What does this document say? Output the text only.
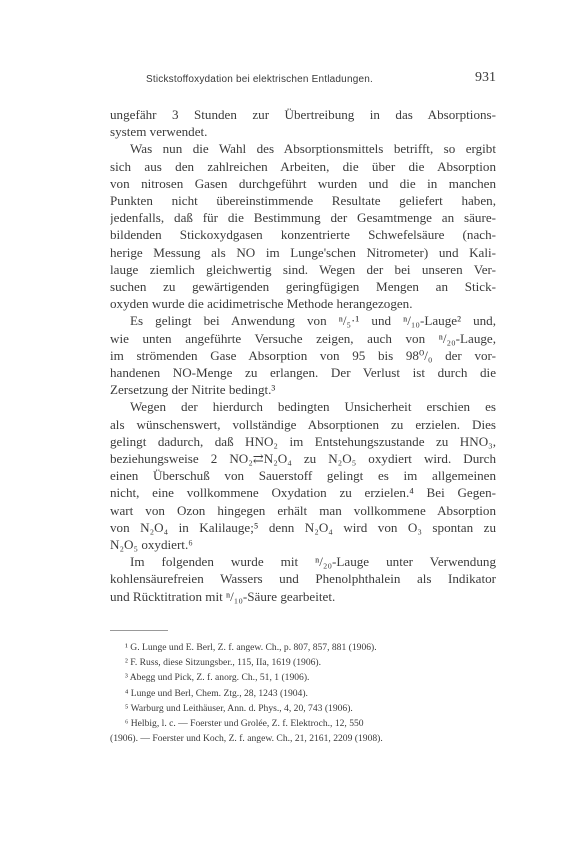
Stickstoffoxydation bei elektrischen Entladungen.	931
ungefähr 3 Stunden zur Übertreibung in das Absorptions-
system verwendet.
Was nun die Wahl des Absorptionsmittels betrifft, so ergibt
sich aus den zahlreichen Arbeiten, die über die Absorption
von nitrosen Gasen durchgeführt wurden und die in manchen
Punkten nicht übereinstimmende Resultate geliefert haben,
jedenfalls, daß für die Bestimmung der Gesamtmenge an säure-
bildenden Stickoxydgasen konzentrierte Schwefelsäure (nach-
herige Messung als NO im Lunge'schen Nitrometer) und Kali-
lauge ziemlich gleichwertig sind. Wegen der bei unseren Ver-
suchen zu gewärtigenden geringfügigen Mengen an Stick-
oxyden wurde die acidimetrische Methode herangezogen.
Es gelingt bei Anwendung von ⁿ/₅·¹ und ⁿ/₁₀-Lauge² und,
wie unten angeführte Versuche zeigen, auch von ⁿ/₂₀-Lauge,
im strömenden Gase Absorption von 95 bis 98⁰/₀ der vor-
handenen NO-Menge zu erlangen. Der Verlust ist durch die
Zersetzung der Nitrite bedingt.³
Wegen der hierdurch bedingten Unsicherheit erschien es
als wünschenswert, vollständige Absorptionen zu erzielen. Dies
gelingt dadurch, daß HNO₂ im Entstehungszustande zu HNO₃,
beziehungsweise 2 NO₂⇄N₂O₄ zu N₂O₅ oxydiert wird. Durch
einen Überschuß von Sauerstoff gelingt es im allgemeinen
nicht, eine vollkommene Oxydation zu erzielen.⁴ Bei Gegen-
wart von Ozon hingegen erhält man vollkommene Absorption
von N₂O₄ in Kalilauge;⁵ denn N₂O₄ wird von O₃ spontan zu
N₂O₅ oxydiert.⁶
Im folgenden wurde mit ⁿ/₂₀-Lauge unter Verwendung
kohlensäurefreien Wassers und Phenolphthalein als Indikator
und Rücktitration mit ⁿ/₁₀-Säure gearbeitet.
¹ G. Lunge und E. Berl, Z. f. angew. Ch., p. 807, 857, 881 (1906).
² F. Russ, diese Sitzungsber., 115, IIa, 1619 (1906).
³ Abegg und Pick, Z. f. anorg. Ch., 51, 1 (1906).
⁴ Lunge und Berl, Chem. Ztg., 28, 1243 (1904).
⁵ Warburg und Leithäuser, Ann. d. Phys., 4, 20, 743 (1906).
⁶ Helbig, l. c. — Foerster und Grolée, Z. f. Elektroch., 12, 550
(1906). — Foerster und Koch, Z. f. angew. Ch., 21, 2161, 2209 (1908).
